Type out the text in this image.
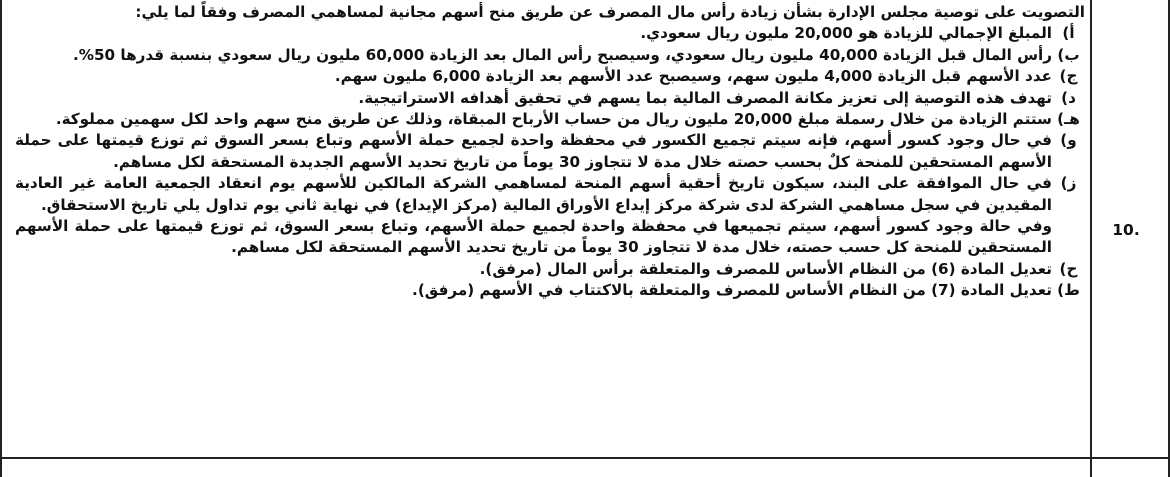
التصويت على توصية مجلس الإدارة بشأن زيادة رأس مال المصرف عن طريق منح أسهم مجانية لمساهمي المصرف وفقاً لما يلي:
أ)

المبلغ الإجمالي للزيادة هو 20,000 مليون ريال سعودي.

ب)

رأس المال قبل الزيادة 40,000 مليون ريال سعودي، وسيصبح رأس المال بعد الزيادة 60,000 مليون ريال سعودي بنسبة قدرها 50%.

ج)

عدد الأسهم قبل الزيادة 4,000 مليون سهم، وسيصبح عدد الأسهم بعد الزيادة 6,000 مليون سهم.

د)

تهدف هذه التوصية إلى تعزيز مكانة المصرف المالية بما يسهم في تحقيق أهدافه الاستراتيجية.

هـ)

ستتم الزيادة من خلال رسملة مبلغ 20,000 مليون ريال من حساب الأرباح المبقاة، وذلك عن طريق منح سهم واحد لكل سهمين مملوكة.

و)

في حال وجود كسور أسهم، فإنه سيتم تجميع الكسور في محفظة واحدة لجميع حملة الأسهم وتباع بسعر السوق ثم توزع قيمتها على حملة الأسهم المستحقين للمنحة كلٌ بحسب حصته خلال مدة لا تتجاوز 30 يوماً من تاريخ تحديد الأسهم الجديدة المستحقة لكل مساهم.

ز)

في حال الموافقة على البند، سيكون تاريخ أحقية أسهم المنحة لمساهمي الشركة المالكين للأسهم يوم انعقاد الجمعية العامة غير العادية المقيدين في سجل مساهمي الشركة لدى شركة مركز إيداع الأوراق المالية (مركز الإيداع) في نهاية ثاني يوم تداول يلي تاريخ الاستحقاق.

وفي حالة وجود كسور أسهم، سيتم تجميعها في محفظة واحدة لجميع حملة الأسهم، وتباع بسعر السوق، ثم توزع قيمتها على حملة الأسهم المستحقين للمنحة كل حسب حصته، خلال مدة لا تتجاوز 30 يوماً من تاريخ تحديد الأسهم المستحقة لكل مساهم.

ح)

تعديل المادة (6) من النظام الأساس للمصرف والمتعلقة برأس المال (مرفق).

ط)

تعديل المادة (7) من النظام الأساس للمصرف والمتعلقة بالاكتتاب في الأسهم (مرفق).

10.
